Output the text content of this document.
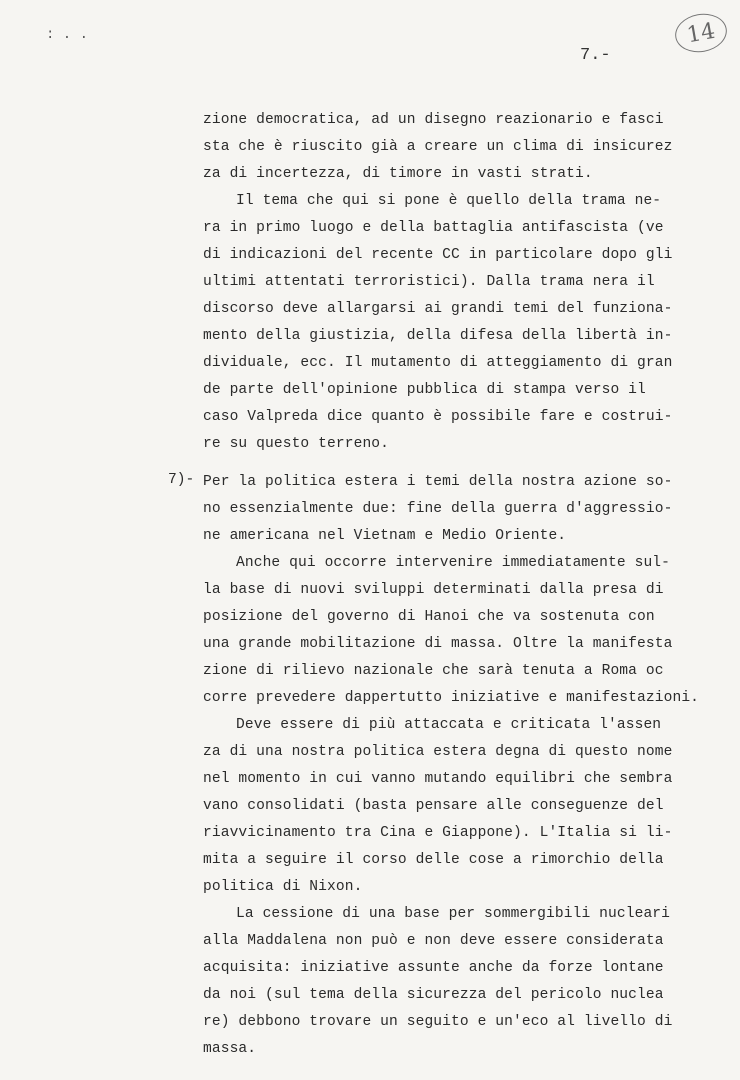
14
: . .
7.-
7)-
zione democratica, ad un disegno reazionario e fasci
sta che è riuscito già a creare un clima di insicurez
za di incertezza, di timore in vasti strati.
Il tema che qui si pone è quello della trama ne-
ra in primo luogo e della battaglia antifascista (ve
di indicazioni del recente CC in particolare dopo gli
ultimi attentati terroristici). Dalla trama nera il
discorso deve allargarsi ai grandi temi del funziona-
mento della giustizia, della difesa della libertà in-
dividuale, ecc. Il mutamento di atteggiamento di gran
de parte dell'opinione pubblica di stampa verso il
caso Valpreda dice quanto è possibile fare e costrui-
re su questo terreno.
Per la politica estera i temi della nostra azione so-
no essenzialmente due: fine della guerra d'aggressio-
ne americana nel Vietnam e Medio Oriente.
Anche qui occorre intervenire immediatamente sul-
la base di nuovi sviluppi determinati dalla presa di
posizione del governo di Hanoi che va sostenuta con
una grande mobilitazione di massa. Oltre la manifesta
zione di rilievo nazionale che sarà tenuta a Roma oc
corre prevedere dappertutto iniziative e manifestazioni.
Deve essere di più attaccata e criticata l'assen
za di una nostra politica estera degna di questo nome
nel momento in cui vanno mutando equilibri che sembra
vano consolidati (basta pensare alle conseguenze del
riavvicinamento tra Cina e Giappone). L'Italia si li-
mita a seguire il corso delle cose a rimorchio della
politica di Nixon.
La cessione di una base per sommergibili nucleari
alla Maddalena non può e non deve essere considerata
acquisita: iniziative assunte anche da forze lontane
da noi (sul tema della sicurezza del pericolo nuclea
re) debbono trovare un seguito e un'eco al livello di
massa.
